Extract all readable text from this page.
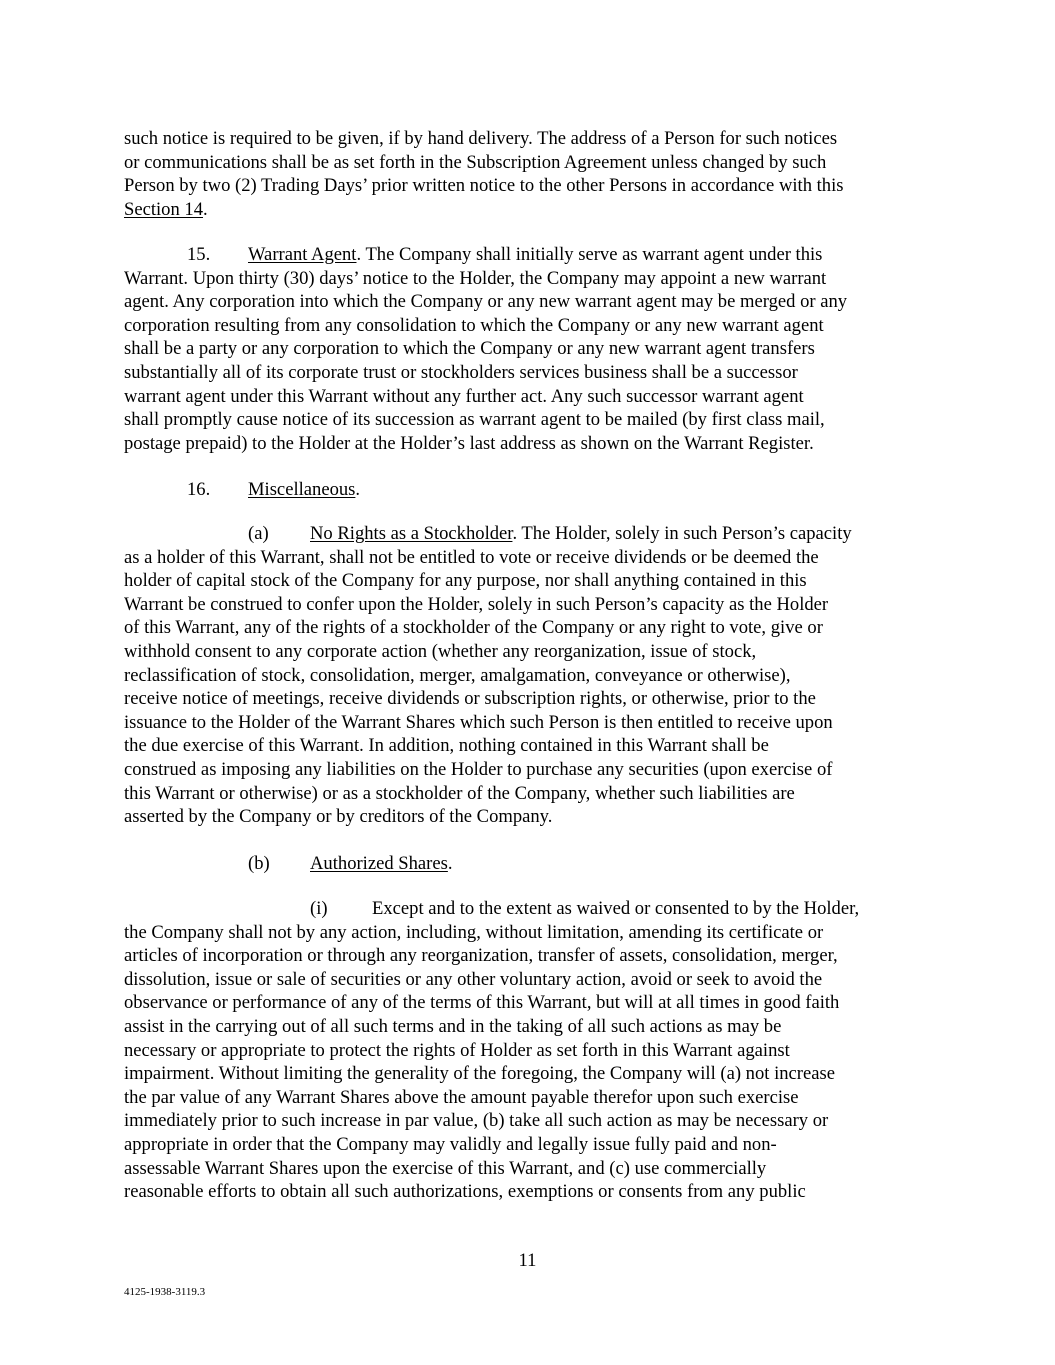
such notice is required to be given, if by hand delivery. The address of a Person for such notices
or communications shall be as set forth in the Subscription Agreement unless changed by such
Person by two (2) Trading Days’ prior written notice to the other Persons in accordance with this
Section 14.
15. Warrant Agent. The Company shall initially serve as warrant agent under this
Warrant. Upon thirty (30) days’ notice to the Holder, the Company may appoint a new warrant
agent. Any corporation into which the Company or any new warrant agent may be merged or any
corporation resulting from any consolidation to which the Company or any new warrant agent
shall be a party or any corporation to which the Company or any new warrant agent transfers
substantially all of its corporate trust or stockholders services business shall be a successor
warrant agent under this Warrant without any further act. Any such successor warrant agent
shall promptly cause notice of its succession as warrant agent to be mailed (by first class mail,
postage prepaid) to the Holder at the Holder’s last address as shown on the Warrant Register.
16. Miscellaneous.
(a) No Rights as a Stockholder. The Holder, solely in such Person’s capacity
as a holder of this Warrant, shall not be entitled to vote or receive dividends or be deemed the
holder of capital stock of the Company for any purpose, nor shall anything contained in this
Warrant be construed to confer upon the Holder, solely in such Person’s capacity as the Holder
of this Warrant, any of the rights of a stockholder of the Company or any right to vote, give or
withhold consent to any corporate action (whether any reorganization, issue of stock,
reclassification of stock, consolidation, merger, amalgamation, conveyance or otherwise),
receive notice of meetings, receive dividends or subscription rights, or otherwise, prior to the
issuance to the Holder of the Warrant Shares which such Person is then entitled to receive upon
the due exercise of this Warrant. In addition, nothing contained in this Warrant shall be
construed as imposing any liabilities on the Holder to purchase any securities (upon exercise of
this Warrant or otherwise) or as a stockholder of the Company, whether such liabilities are
asserted by the Company or by creditors of the Company.
(b) Authorized Shares.
(i) Except and to the extent as waived or consented to by the Holder,
the Company shall not by any action, including, without limitation, amending its certificate or
articles of incorporation or through any reorganization, transfer of assets, consolidation, merger,
dissolution, issue or sale of securities or any other voluntary action, avoid or seek to avoid the
observance or performance of any of the terms of this Warrant, but will at all times in good faith
assist in the carrying out of all such terms and in the taking of all such actions as may be
necessary or appropriate to protect the rights of Holder as set forth in this Warrant against
impairment. Without limiting the generality of the foregoing, the Company will (a) not increase
the par value of any Warrant Shares above the amount payable therefor upon such exercise
immediately prior to such increase in par value, (b) take all such action as may be necessary or
appropriate in order that the Company may validly and legally issue fully paid and non-
assessable Warrant Shares upon the exercise of this Warrant, and (c) use commercially
reasonable efforts to obtain all such authorizations, exemptions or consents from any public
11
4125-1938-3119.3
